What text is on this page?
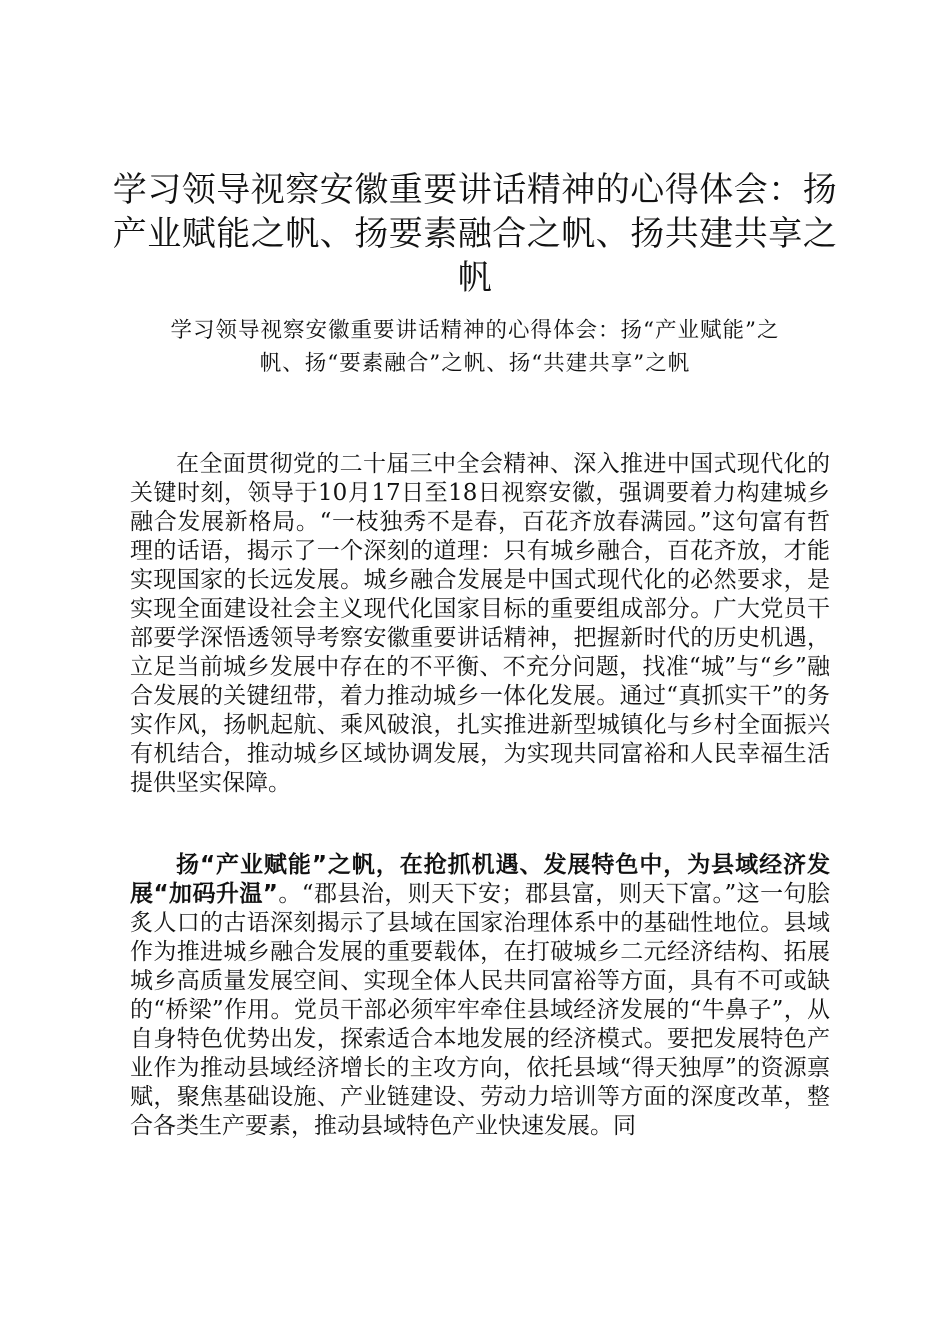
学习领导视察安徽重要讲话精神的心得体会：扬产业赋能之帆、扬要素融合之帆、扬共建共享之帆

学习领导视察安徽重要讲话精神的心得体会：扬“产业赋能”之帆、扬“要素融合”之帆、扬“共建共享”之帆

在全面贯彻党的二十届三中全会精神、深入推进中国式现代化的关键时刻，领导于10月17日至18日视察安徽，强调要着力构建城乡融合发展新格局。“一枝独秀不是春，百花齐放春满园。”这句富有哲理的话语，揭示了一个深刻的道理：只有城乡融合，百花齐放，才能实现国家的长远发展。城乡融合发展是中国式现代化的必然要求，是实现全面建设社会主义现代化国家目标的重要组成部分。广大党员干部要学深悟透领导考察安徽重要讲话精神，把握新时代的历史机遇，立足当前城乡发展中存在的不平衡、不充分问题，找准“城”与“乡”融合发展的关键纽带，着力推动城乡一体化发展。通过“真抓实干”的务实作风，扬帆起航、乘风破浪，扎实推进新型城镇化与乡村全面振兴有机结合，推动城乡区域协调发展，为实现共同富裕和人民幸福生活提供坚实保障。

扬“产业赋能”之帆，在抢抓机遇、发展特色中，为县域经济发展“加码升温”。“郡县治，则天下安；郡县富，则天下富。”这一句脍炙人口的古语深刻揭示了县域在国家治理体系中的基础性地位。县域作为推进城乡融合发展的重要载体，在打破城乡二元经济结构、拓展城乡高质量发展空间、实现全体人民共同富裕等方面，具有不可或缺的“桥梁”作用。党员干部必须牢牢牵住县域经济发展的“牛鼻子”，从自身特色优势出发，探索适合本地发展的经济模式。要把发展特色产业作为推动县域经济增长的主攻方向，依托县域“得天独厚”的资源禀赋，聚焦基础设施、产业链建设、劳动力培训等方面的深度改革，整合各类生产要素，推动县域特色产业快速发展。同
